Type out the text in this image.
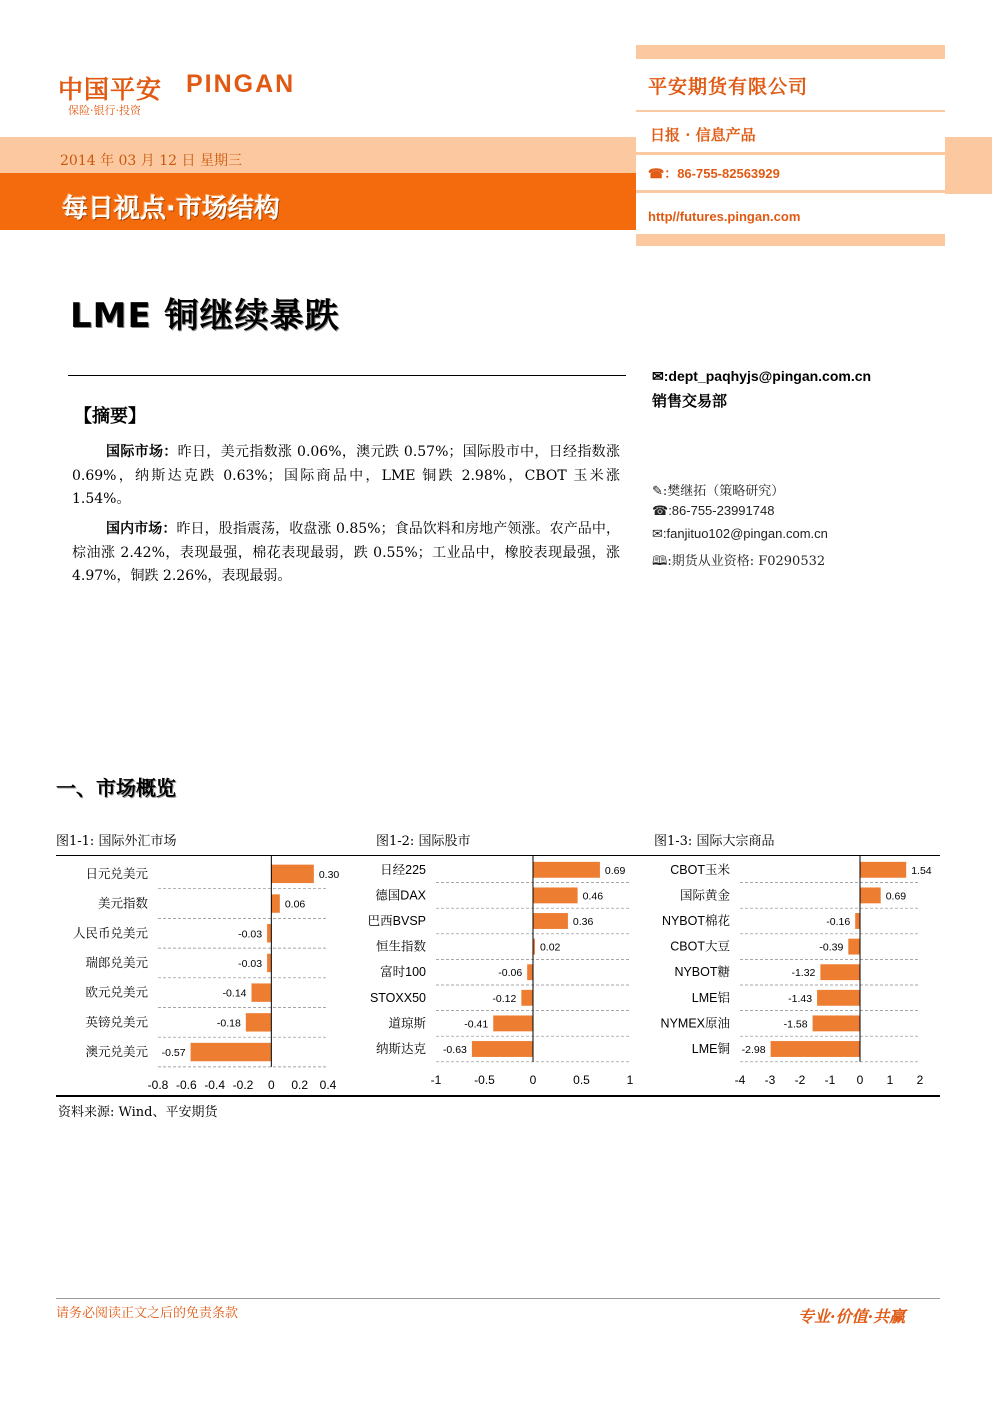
中国平安 PINGAN
保险·银行·投资
2014 年 03 月 12 日 星期三
每日视点·市场结构
平安期货有限公司
日报 · 信息产品
☎：86-755-82563929
http//futures.pingan.com
LME 铜继续暴跌
✉:dept_paqhyjs@pingan.com.cn
销售交易部
✎:樊继拓（策略研究）
☎:86-755-23991748
✉:fanjituo102@pingan.com.cn
🕮:期货从业资格: F0290532
【摘要】
国际市场：昨日，美元指数涨 0.06%，澳元跌 0.57%；国际股市中，日经指数涨 0.69%，纳斯达克跌 0.63%；国际商品中，LME 铜跌 2.98%，CBOT 玉米涨 1.54%。
国内市场：昨日，股指震荡，收盘涨 0.85%；食品饮料和房地产领涨。农产品中，棕油涨 2.42%，表现最强，棉花表现最弱，跌 0.55%；工业品中，橡胶表现最强，涨 4.97%，铜跌 2.26%，表现最弱。
一、市场概览
图1-1: 国际外汇市场	图1-2: 国际股市	图1-3: 国际大宗商品
日元兑美元	0.30
美元指数	0.06
人民币兑美元	-0.03
瑞郎兑美元	-0.03
欧元兑美元	-0.14
英镑兑美元	-0.18
澳元兑美元 -0.57
-0.8 -0.6 -0.4 -0.2 0 0.2 0.4
日经225	0.69
德国DAX	0.46
巴西BVSP	0.36
恒生指数	0.02
富时100	-0.06
STOXX50	-0.12
道琼斯	-0.41
纳斯达克 -0.63
-1	-0.5	0	0.5	1
CBOT玉米	1.54
国际黄金	0.69
NYBOT棉花	-0.16
CBOT大豆	-0.39
NYBOT糖	-1.32
LME铝	-1.43
NYMEX原油	-1.58
LME铜 -2.98
-4 -3 -2 -1 0 1 2
资料来源: Wind、平安期货
请务必阅读正文之后的免责条款	专业·价值·共赢
